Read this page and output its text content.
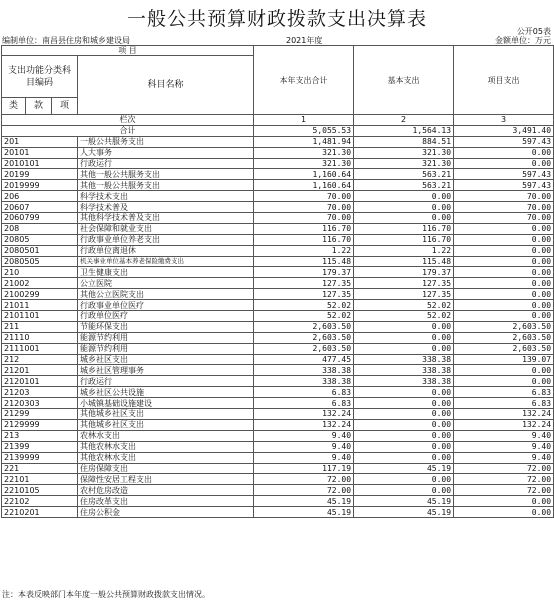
一般公共预算财政拨款支出决算表
公开05表
编制单位：南昌县住房和城乡建设局	2021年度	金额单位：万元
项 目				本年支出合计	基本支出	项目支出
支出功能分类科目编码			科目名称			
类	款	项				
栏次				1	2	3
合计				5,055.53	1,564.13	3,491.40
201			一般公共服务支出	1,481.94	884.51	597.43
20101			人大事务	321.30	321.30	0.00
2010101			行政运行	321.30	321.30	0.00
20199			其他一般公共服务支出	1,160.64	563.21	597.43
2019999			其他一般公共服务支出	1,160.64	563.21	597.43
206			科学技术支出	70.00	0.00	70.00
20607			科学技术普及	70.00	0.00	70.00
2060799			其他科学技术普及支出	70.00	0.00	70.00
208			社会保障和就业支出	116.70	116.70	0.00
20805			行政事业单位养老支出	116.70	116.70	0.00
2080501			行政单位离退休	1.22	1.22	0.00
2080505			机关事业单位基本养老保险缴费支出	115.48	115.48	0.00
210			卫生健康支出	179.37	179.37	0.00
21002			公立医院	127.35	127.35	0.00
2100299			其他公立医院支出	127.35	127.35	0.00
21011			行政事业单位医疗	52.02	52.02	0.00
2101101			行政单位医疗	52.02	52.02	0.00
211			节能环保支出	2,603.50	0.00	2,603.50
21110			能源节约利用	2,603.50	0.00	2,603.50
2111001			能源节约利用	2,603.50	0.00	2,603.50
212			城乡社区支出	477.45	338.38	139.07
21201			城乡社区管理事务	338.38	338.38	0.00
2120101			行政运行	338.38	338.38	0.00
21203			城乡社区公共设施	6.83	0.00	6.83
2120303			小城镇基础设施建设	6.83	0.00	6.83
21299			其他城乡社区支出	132.24	0.00	132.24
2129999			其他城乡社区支出	132.24	0.00	132.24
213			农林水支出	9.40	0.00	9.40
21399			其他农林水支出	9.40	0.00	9.40
2139999			其他农林水支出	9.40	0.00	9.40
221			住房保障支出	117.19	45.19	72.00
22101			保障性安居工程支出	72.00	0.00	72.00
2210105			农村危房改造	72.00	0.00	72.00
22102			住房改革支出	45.19	45.19	0.00
2210201			住房公积金	45.19	45.19	0.00
注：本表反映部门本年度一般公共预算财政拨款支出情况。
